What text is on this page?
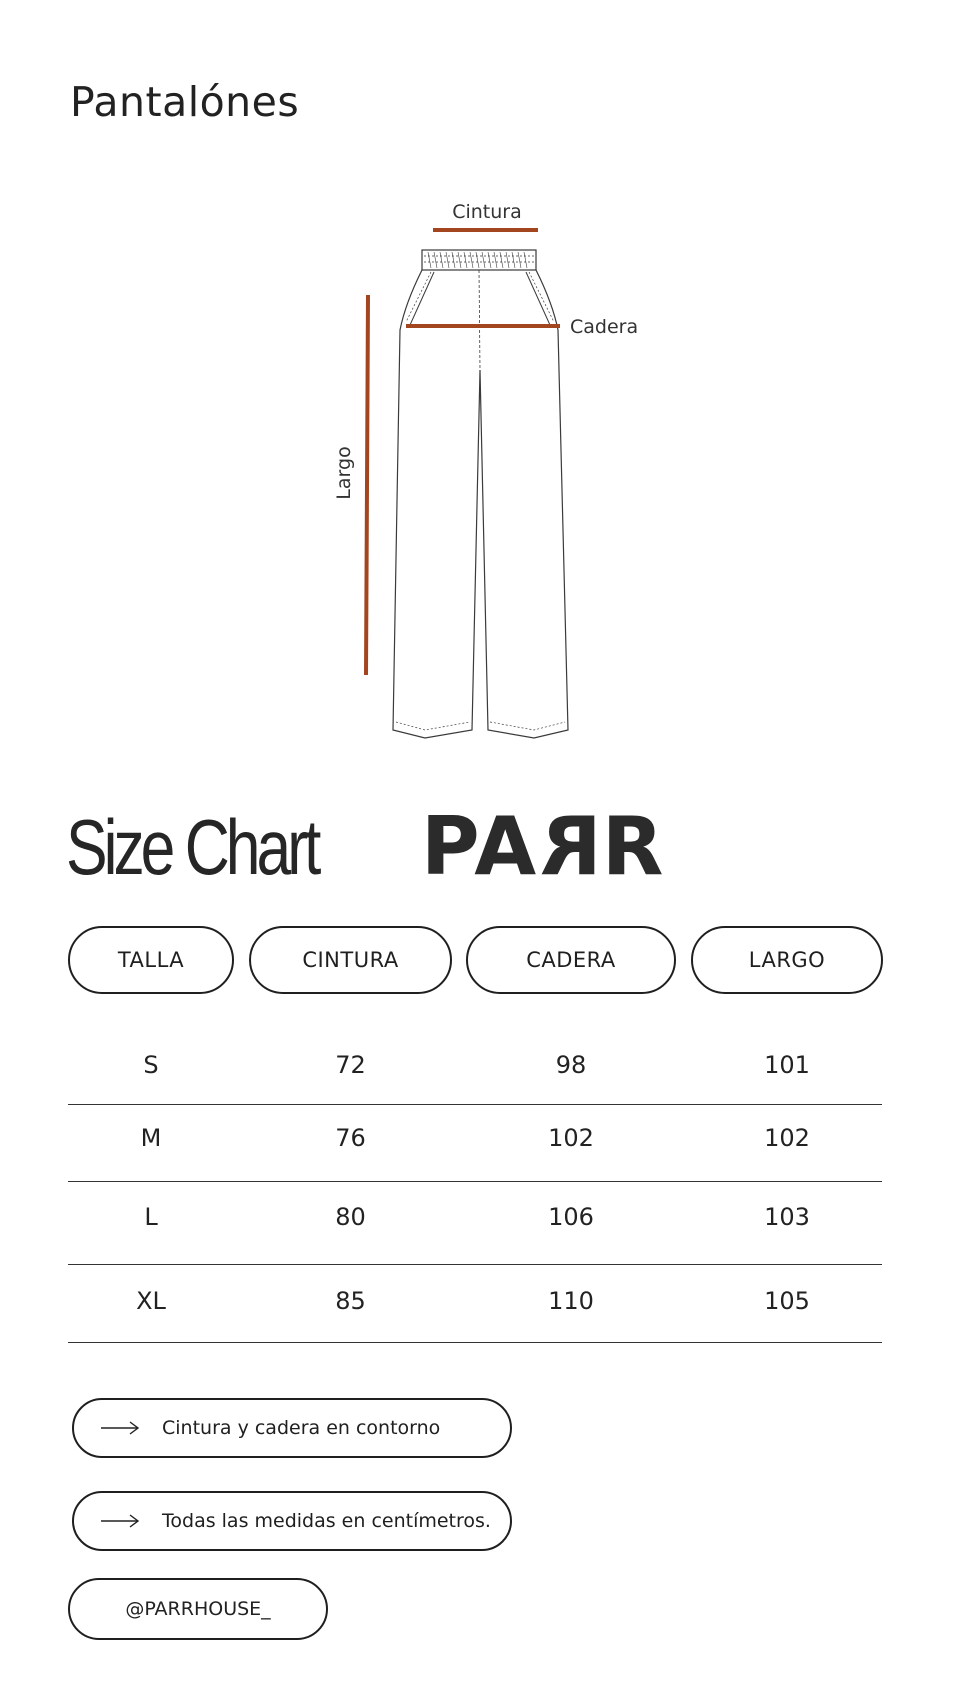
Pantalónes
Cintura
Cadera
Largo
Size Chart PA R R
TALLA	CINTURA	CADERA	LARGO
S	72	98	101
M	76	102	102
L	80	106	103
XL	85	110	105
Cintura y cadera en contorno
Todas las medidas en centímetros.
@PARRHOUSE_
